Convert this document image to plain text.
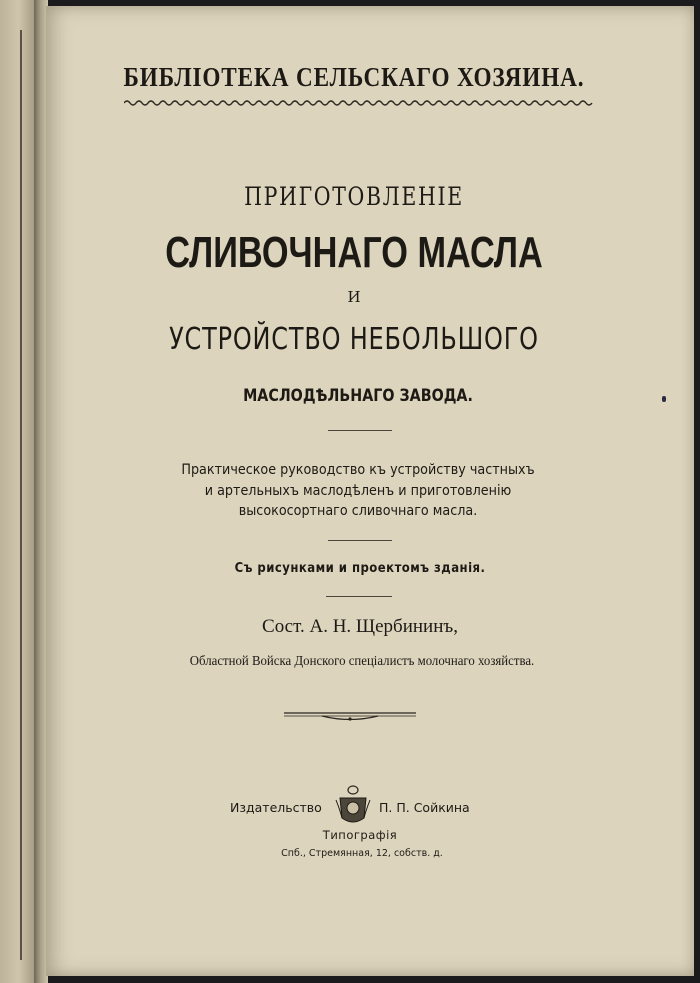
БИБЛІОТЕКА СЕЛЬСКАГО ХОЗЯИНА.
ПРИГОТОВЛЕНІЕ
СЛИВОЧНАГО МАСЛА
И
УСТРОЙСТВО НЕБОЛЬШОГО
МАСЛОДѢЛЬНАГО ЗАВОДА.
Практическое руководство къ устройству частныхъ и артельныхъ маслодѣленъ и приготовленію высокосортнаго сливочнаго масла.
Съ рисунками и проектомъ зданія.
Сост. А. Н. Щербининъ,
Областной Войска Донского спеціалистъ молочнаго хозяйства.
Издательство	П. П. Сойкина
Типографія
Спб., Стремянная, 12, собств. д.
